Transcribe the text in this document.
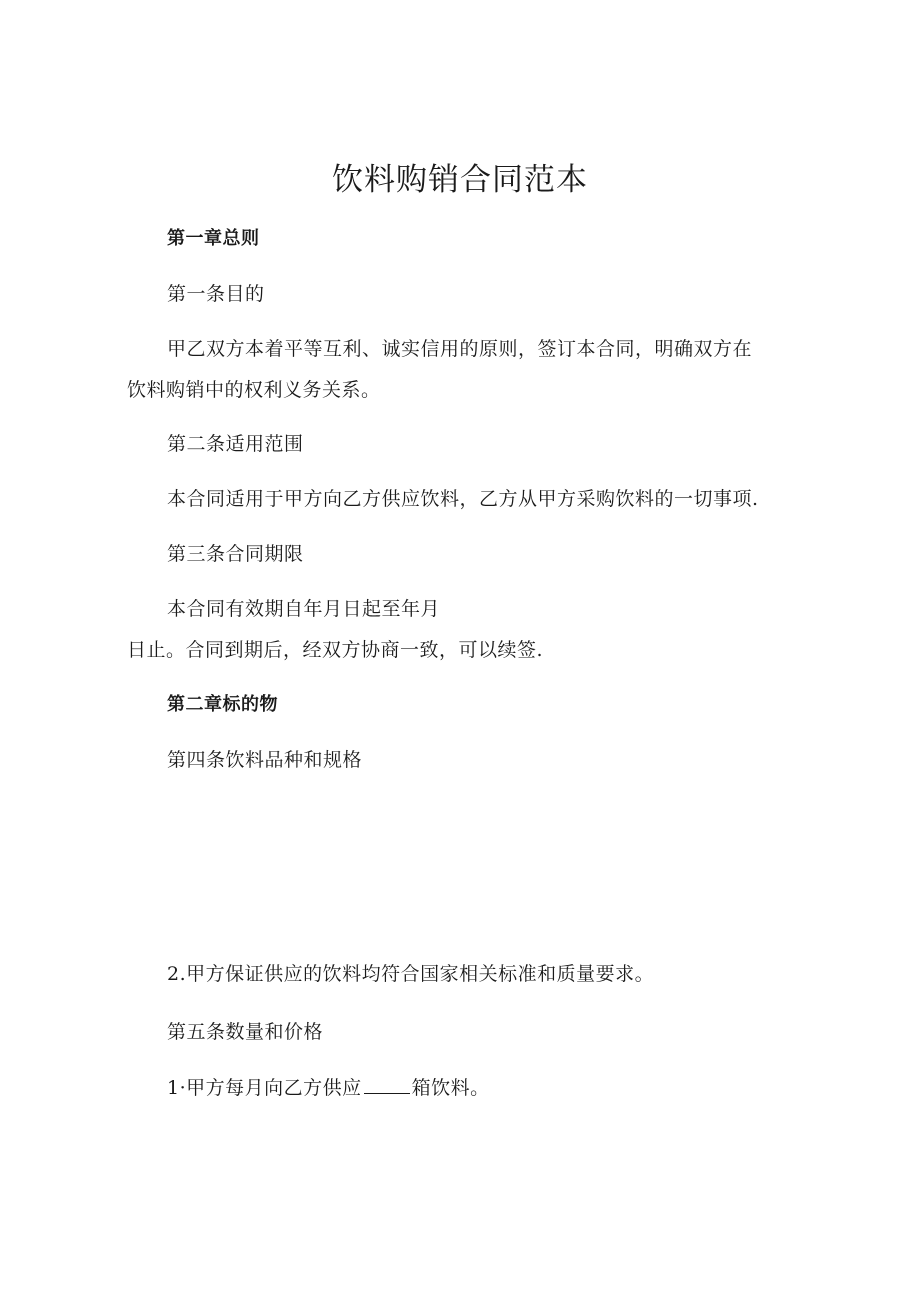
饮料购销合同范本
第一章总则
第一条目的
甲乙双方本着平等互利、诚实信用的原则，签订本合同，明确双方在
饮料购销中的权利义务关系。
第二条适用范围
本合同适用于甲方向乙方供应饮料，乙方从甲方采购饮料的一切事项.
第三条合同期限
本合同有效期自年月日起至年月
日止。合同到期后，经双方协商一致，可以续签.
第二章标的物
第四条饮料品种和规格
2.甲方保证供应的饮料均符合国家相关标准和质量要求。
第五条数量和价格
1·甲方每月向乙方供应	箱饮料。
